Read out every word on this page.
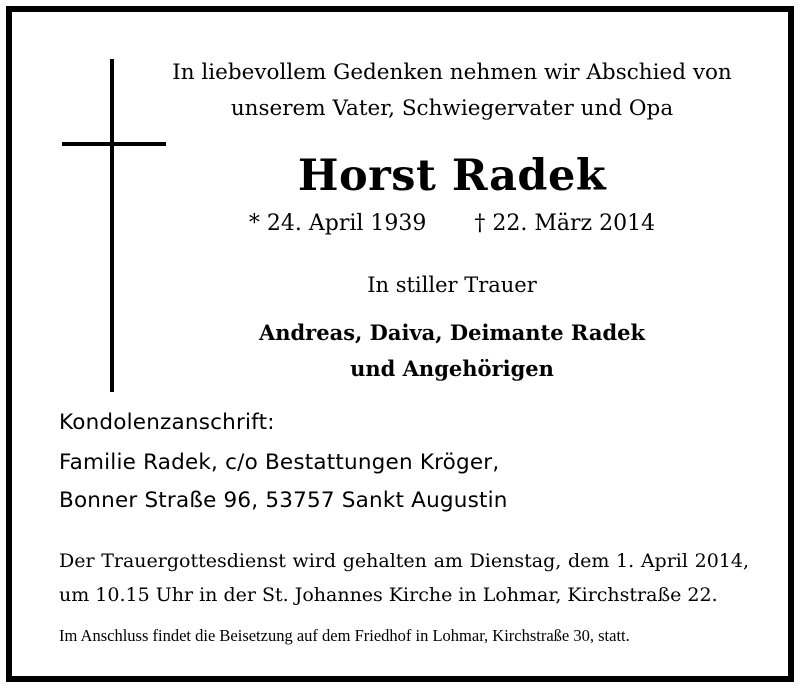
In liebevollem Gedenken nehmen wir Abschied von
unserem Vater, Schwiegervater und Opa
Horst Radek
* 24. April 1939 † 22. März 2014
In stiller Trauer
Andreas, Daiva, Deimante Radek
und Angehörigen
Kondolenzanschrift:
Familie Radek, c/o Bestattungen Kröger,
Bonner Straße 96, 53757 Sankt Augustin
Der Trauergottesdienst wird gehalten am Dienstag, dem 1. April 2014,
um 10.15 Uhr in der St. Johannes Kirche in Lohmar, Kirchstraße 22.
Im Anschluss findet die Beisetzung auf dem Friedhof in Lohmar, Kirchstraße 30, statt.
